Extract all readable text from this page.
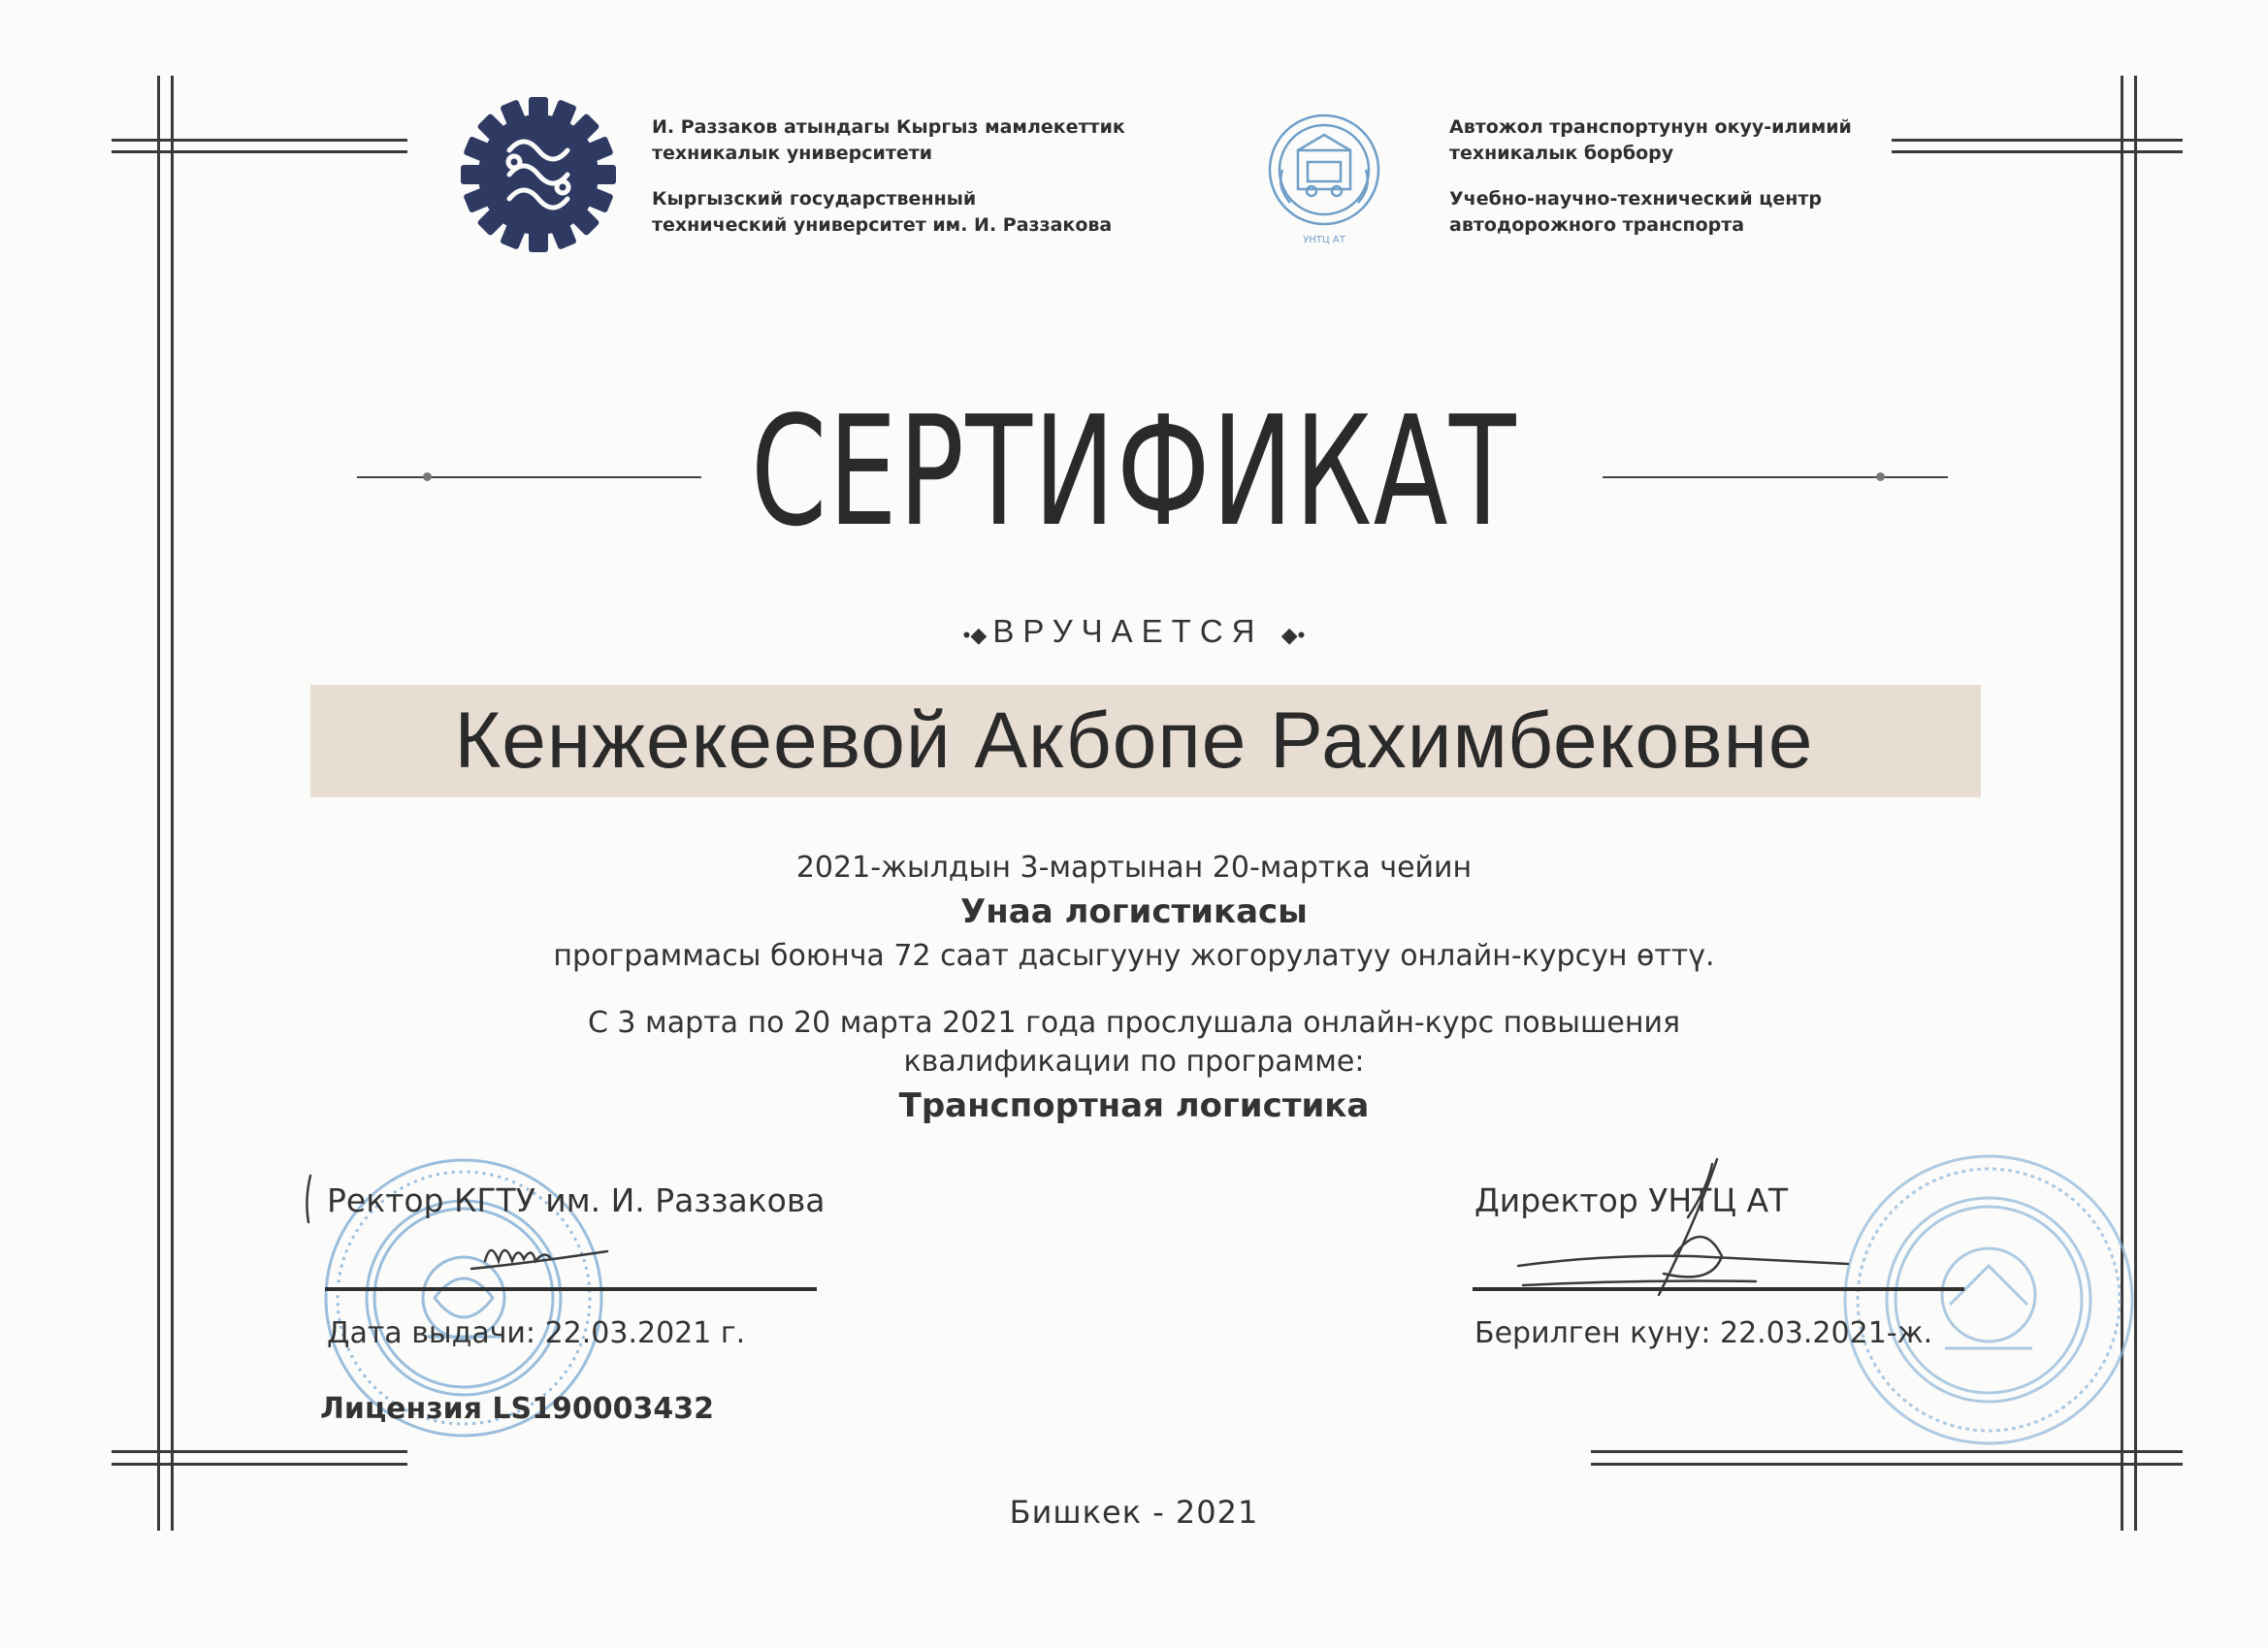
И. Раззаков атындагы Кыргыз мамлекеттик
техникалык университети
Кыргызский государственный
технический университет им. И. Раззакова
УНТЦ АТ
Автожол транспортунун окуу-илимий
техникалык борбору
Учебно-научно-технический центр
автодорожного транспорта
СЕРТИФИКАТ
•◆ ВРУЧАЕТСЯ ◆•
Кенжекеевой Акбопе Рахимбековне
2021-жылдын 3-мартынан 20-мартка чейин
Унаа логистикасы
программасы боюнча 72 саат дасыгууну жогорулатуу онлайн-курсун өттү.
С 3 марта по 20 марта 2021 года прослушала онлайн-курс повышения
квалификации по программе:
Транспортная логистика
Ректор КГТУ им. И. Раззакова
Дата выдачи: 22.03.2021 г.
Лицензия LS190003432
Директор УНТЦ АТ
Берилген куну: 22.03.2021-ж.
Бишкек - 2021
